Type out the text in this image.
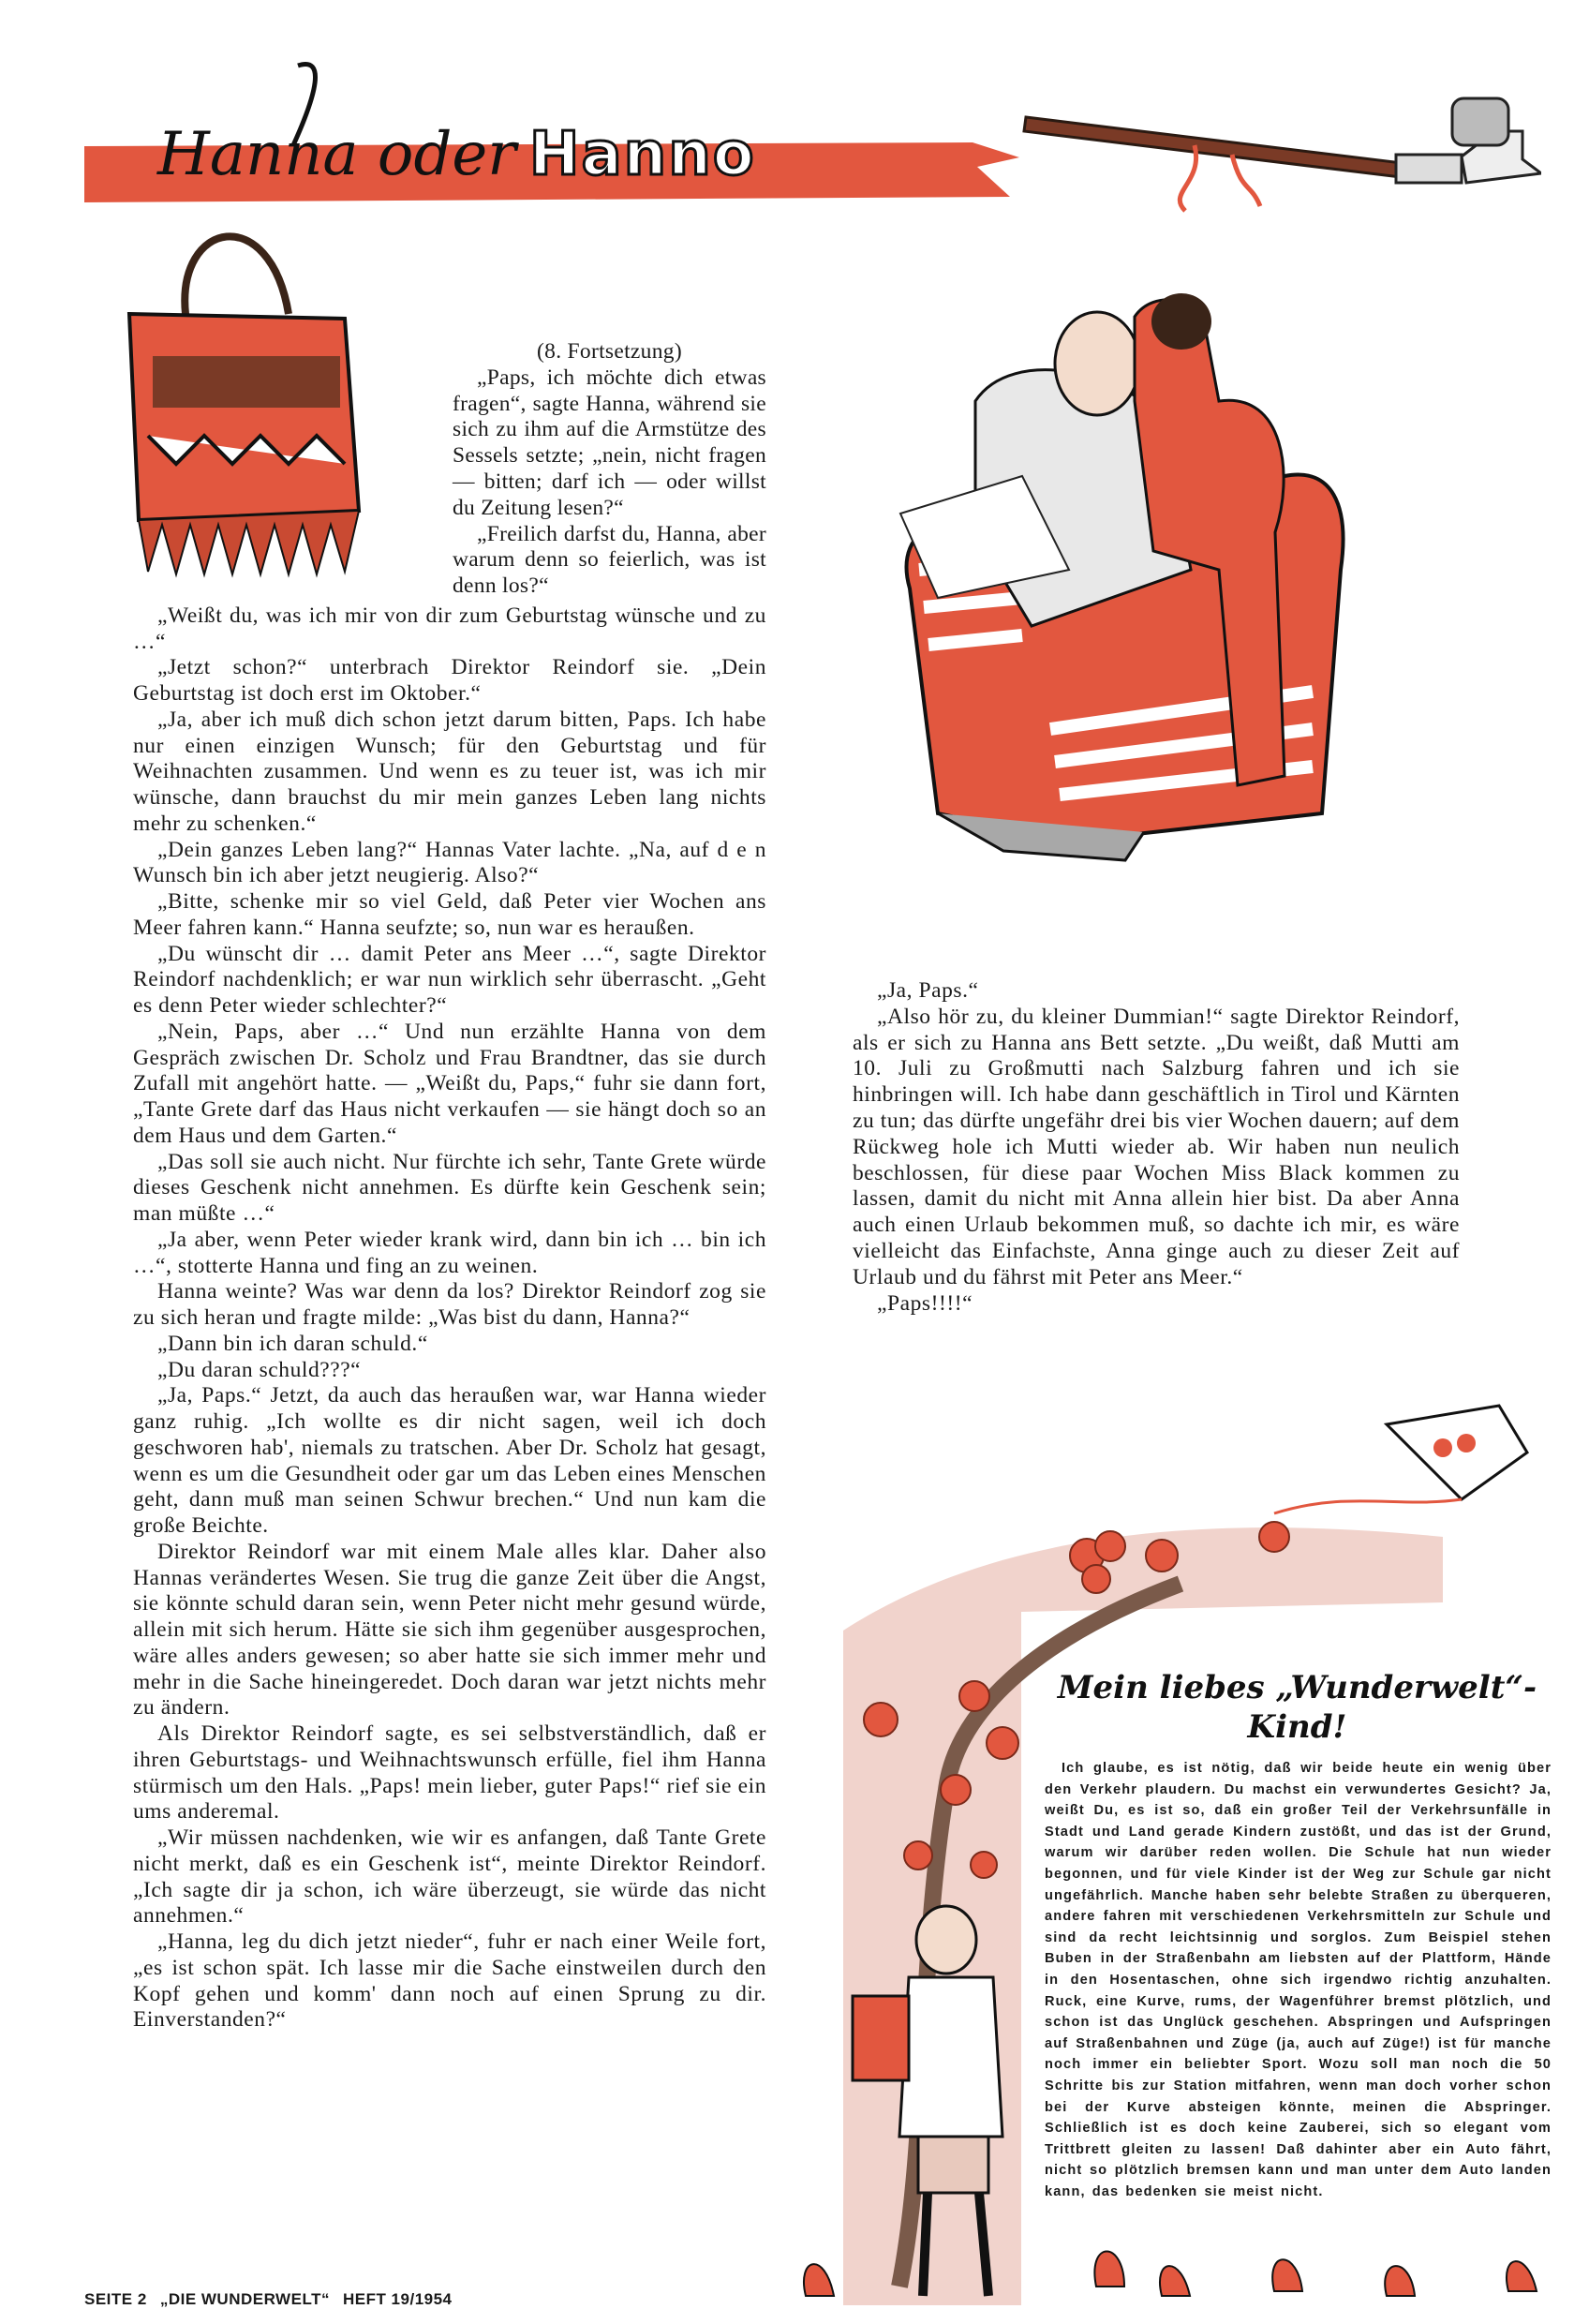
Hanna oder Hanno

(8. Fortsetzung)

„Paps, ich möchte dich etwas fragen“, sagte Hanna, während sie sich zu ihm auf die Armstütze des Sessels setzte; „nein, nicht fragen — bitten; darf ich — oder willst du Zeitung lesen?“

„Freilich darfst du, Hanna, aber warum denn so feierlich, was ist denn los?“

„Weißt du, was ich mir von dir zum Geburtstag wünsche und zu …“

„Jetzt schon?“ unterbrach Direktor Reindorf sie. „Dein Geburtstag ist doch erst im Oktober.“

„Ja, aber ich muß dich schon jetzt darum bitten, Paps. Ich habe nur einen einzigen Wunsch; für den Geburtstag und für Weihnachten zusammen. Und wenn es zu teuer ist, was ich mir wünsche, dann brauchst du mir mein ganzes Leben lang nichts mehr zu schenken.“

„Dein ganzes Leben lang?“ Hannas Vater lachte. „Na, auf d e n Wunsch bin ich aber jetzt neugierig. Also?“

„Bitte, schenke mir so viel Geld, daß Peter vier Wochen ans Meer fahren kann.“ Hanna seufzte; so, nun war es heraußen.

„Du wünscht dir … damit Peter ans Meer …“, sagte Direktor Reindorf nachdenklich; er war nun wirklich sehr überrascht. „Geht es denn Peter wieder schlechter?“

„Nein, Paps, aber …“ Und nun erzählte Hanna von dem Gespräch zwischen Dr. Scholz und Frau Brandtner, das sie durch Zufall mit angehört hatte. — „Weißt du, Paps,“ fuhr sie dann fort, „Tante Grete darf das Haus nicht verkaufen — sie hängt doch so an dem Haus und dem Garten.“

„Das soll sie auch nicht. Nur fürchte ich sehr, Tante Grete würde dieses Geschenk nicht annehmen. Es dürfte kein Geschenk sein; man müßte …“

„Ja aber, wenn Peter wieder krank wird, dann bin ich … bin ich …“, stotterte Hanna und fing an zu weinen.

Hanna weinte? Was war denn da los? Direktor Reindorf zog sie zu sich heran und fragte milde: „Was bist du dann, Hanna?“

„Dann bin ich daran schuld.“

„Du daran schuld???“

„Ja, Paps.“ Jetzt, da auch das heraußen war, war Hanna wieder ganz ruhig. „Ich wollte es dir nicht sagen, weil ich doch geschworen hab', niemals zu tratschen. Aber Dr. Scholz hat gesagt, wenn es um die Gesundheit oder gar um das Leben eines Menschen geht, dann muß man seinen Schwur brechen.“ Und nun kam die große Beichte.

Direktor Reindorf war mit einem Male alles klar. Daher also Hannas verändertes Wesen. Sie trug die ganze Zeit über die Angst, sie könnte schuld daran sein, wenn Peter nicht mehr gesund würde, allein mit sich herum. Hätte sie sich ihm gegenüber ausgesprochen, wäre alles anders gewesen; so aber hatte sie sich immer mehr und mehr in die Sache hineingeredet. Doch daran war jetzt nichts mehr zu ändern.

Als Direktor Reindorf sagte, es sei selbstverständlich, daß er ihren Geburtstags- und Weihnachtswunsch erfülle, fiel ihm Hanna stürmisch um den Hals. „Paps! mein lieber, guter Paps!“ rief sie ein ums anderemal.

„Wir müssen nachdenken, wie wir es anfangen, daß Tante Grete nicht merkt, daß es ein Geschenk ist“, meinte Direktor Reindorf. „Ich sagte dir ja schon, ich wäre überzeugt, sie würde das nicht annehmen.“

„Hanna, leg du dich jetzt nieder“, fuhr er nach einer Weile fort, „es ist schon spät. Ich lasse mir die Sache einstweilen durch den Kopf gehen und komm' dann noch auf einen Sprung zu dir. Einverstanden?“

SEITE 2 „DIE WUNDERWELT“ HEFT 19/1954

„Ja, Paps.“

„Also hör zu, du kleiner Dummian!“ sagte Direktor Reindorf, als er sich zu Hanna ans Bett setzte. „Du weißt, daß Mutti am 10. Juli zu Großmutti nach Salzburg fahren und ich sie hinbringen will. Ich habe dann geschäftlich in Tirol und Kärnten zu tun; das dürfte ungefähr drei bis vier Wochen dauern; auf dem Rückweg hole ich Mutti wieder ab. Wir haben nun neulich beschlossen, für diese paar Wochen Miss Black kommen zu lassen, damit du nicht mit Anna allein hier bist. Da aber Anna auch einen Urlaub bekommen muß, so dachte ich mir, es wäre vielleicht das Einfachste, Anna ginge auch zu dieser Zeit auf Urlaub und du fährst mit Peter ans Meer.“

„Paps!!!!“

Mein liebes „Wunderwelt“-Kind!

Ich glaube, es ist nötig, daß wir beide heute ein wenig über den Verkehr plaudern. Du machst ein verwundertes Gesicht? Ja, weißt Du, es ist so, daß ein großer Teil der Verkehrsunfälle in Stadt und Land gerade Kindern zustößt, und das ist der Grund, warum wir darüber reden wollen. Die Schule hat nun wieder begonnen, und für viele Kinder ist der Weg zur Schule gar nicht ungefährlich. Manche haben sehr belebte Straßen zu überqueren, andere fahren mit verschiedenen Verkehrsmitteln zur Schule und sind da recht leichtsinnig und sorglos. Zum Beispiel stehen Buben in der Straßenbahn am liebsten auf der Plattform, Hände in den Hosentaschen, ohne sich irgendwo richtig anzuhalten. Ruck, eine Kurve, rums, der Wagenführer bremst plötzlich, und schon ist das Unglück geschehen. Abspringen und Aufspringen auf Straßenbahnen und Züge (ja, auch auf Züge!) ist für manche noch immer ein beliebter Sport. Wozu soll man noch die 50 Schritte bis zur Station mitfahren, wenn man doch vorher schon bei der Kurve absteigen könnte, meinen die Abspringer. Schließlich ist es doch keine Zauberei, sich so elegant vom Trittbrett gleiten zu lassen! Daß dahinter aber ein Auto fährt, nicht so plötzlich bremsen kann und man unter dem Auto landen kann, das bedenken sie meist nicht.
